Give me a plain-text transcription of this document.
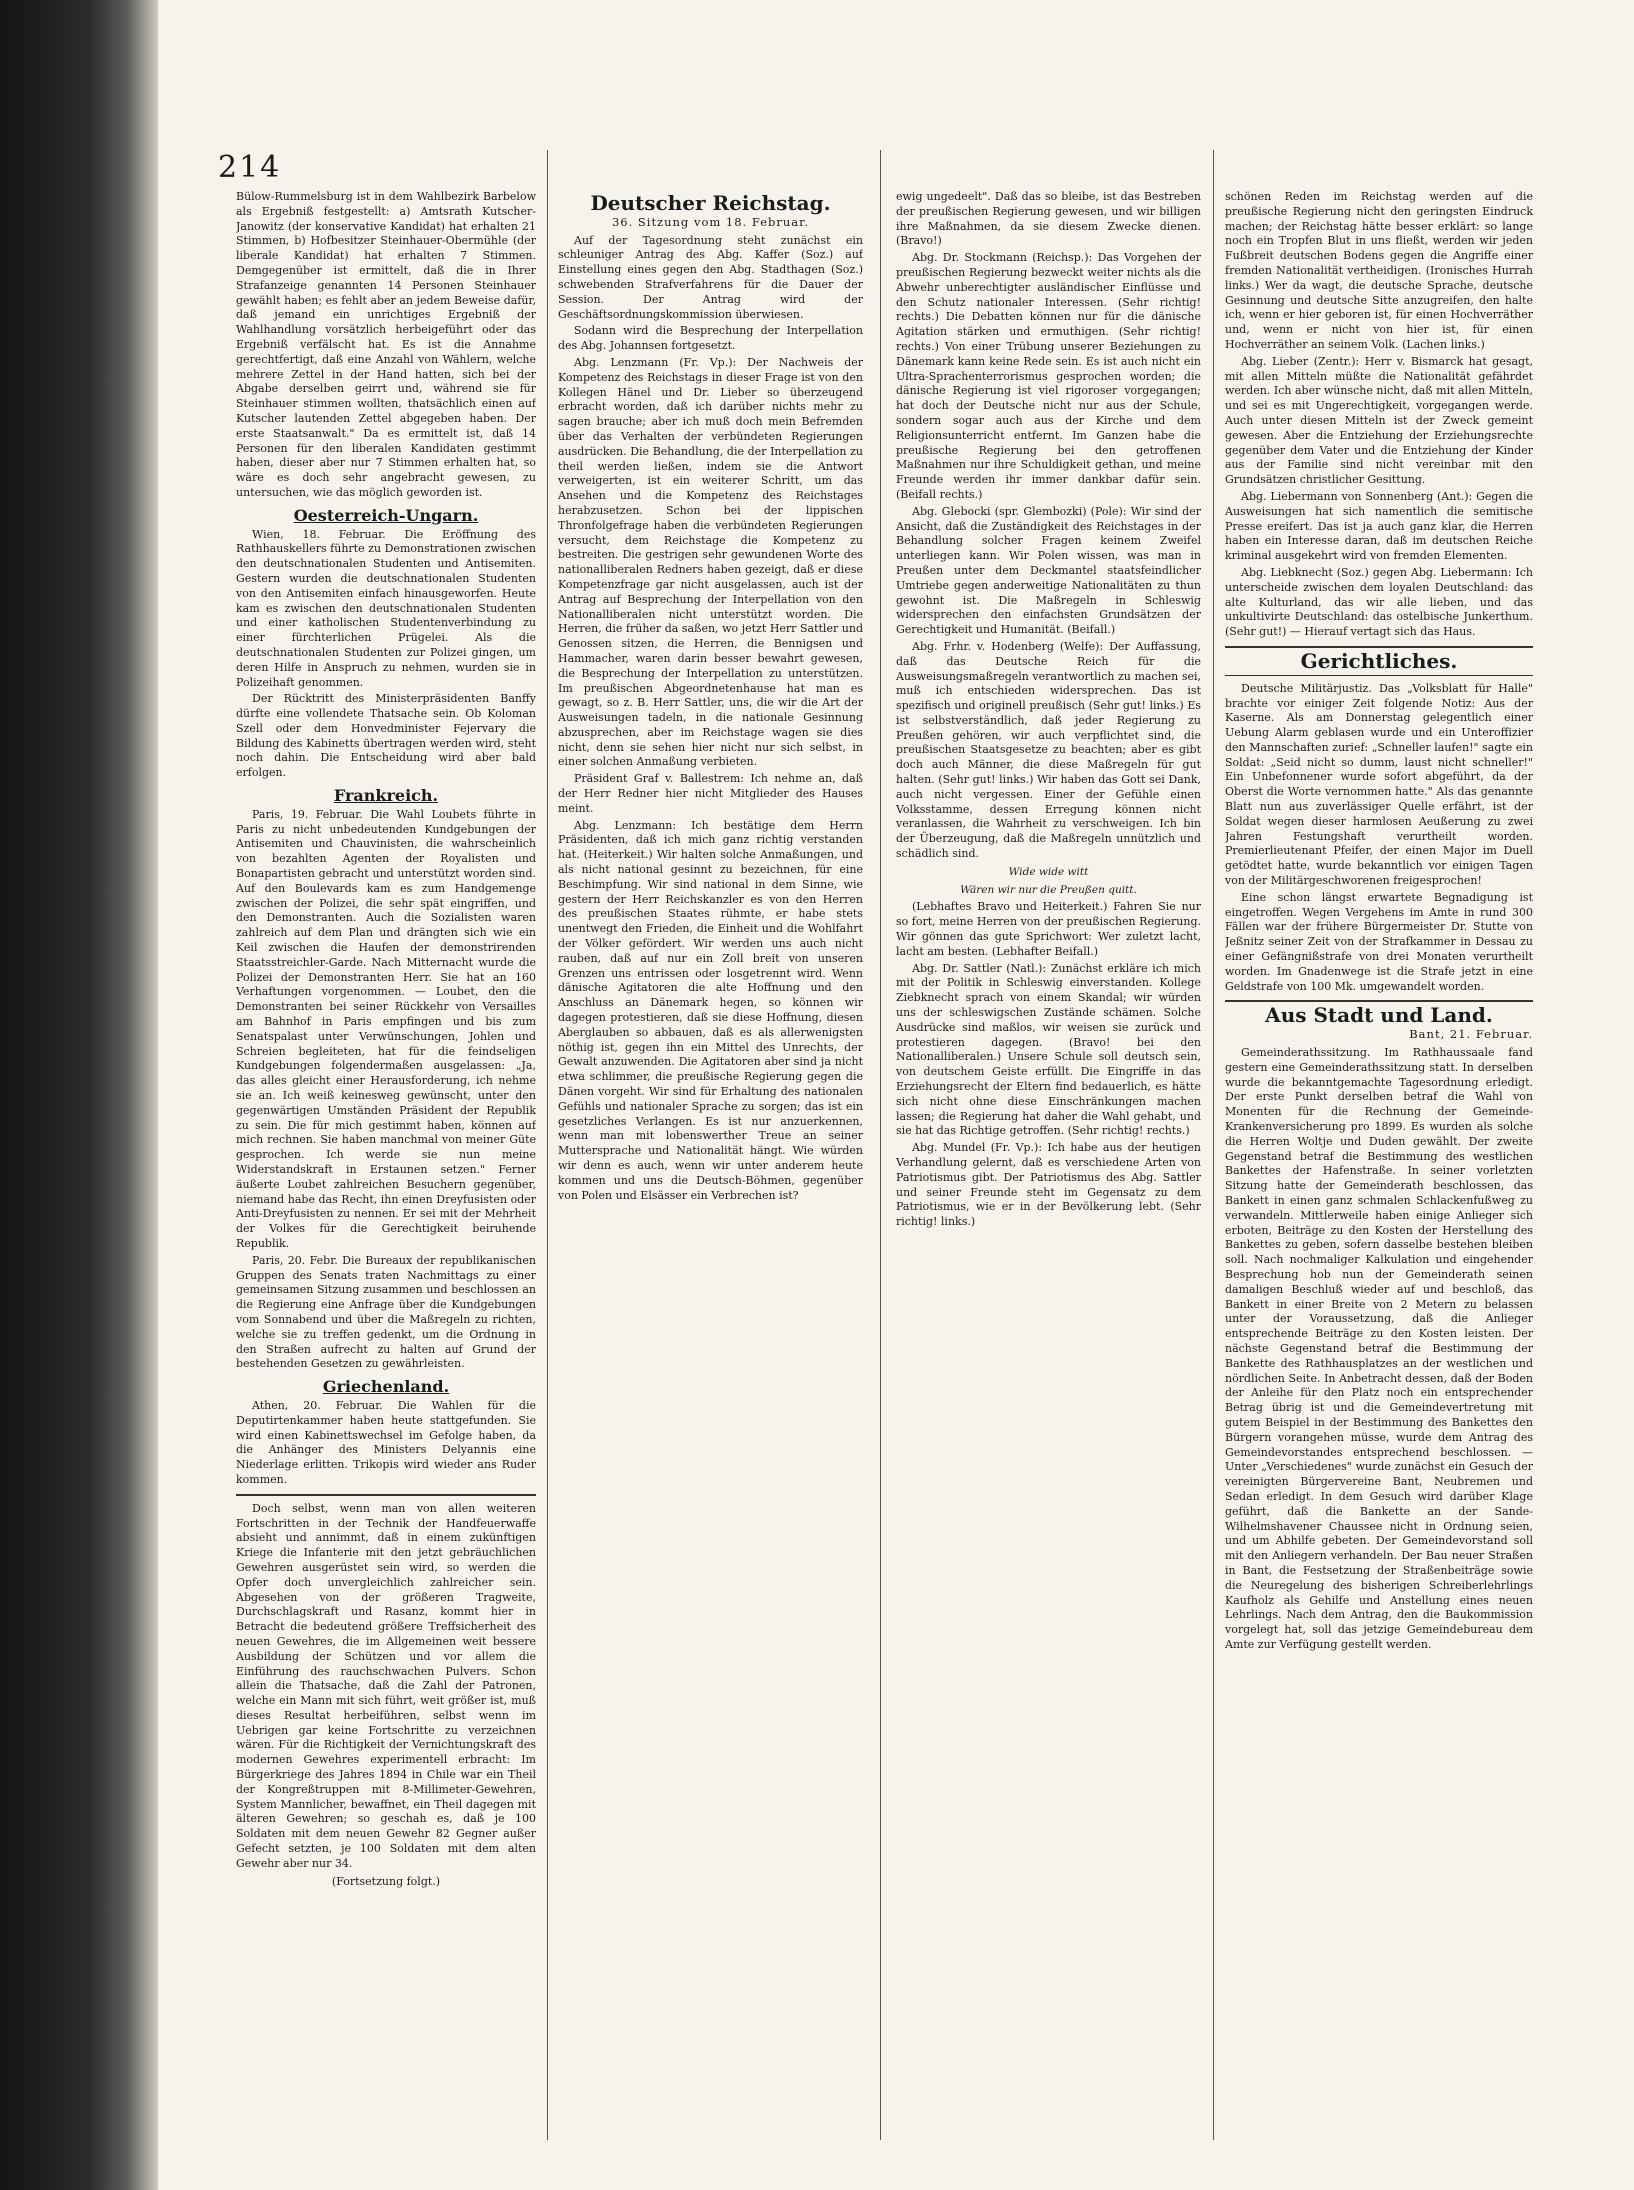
214

Bülow-Rummelsburg ist in dem Wahlbezirk Barbelow als Ergebniß festgestellt: a) Amtsrath Kutscher-Janowitz (der konservative Kandidat) hat erhalten 21 Stimmen, b) Hofbesitzer Steinhauer-Obermühle (der liberale Kandidat) hat erhalten 7 Stimmen. Demgegenüber ist ermittelt, daß die in Ihrer Strafanzeige genannten 14 Personen Steinhauer gewählt haben; es fehlt aber an jedem Beweise dafür, daß jemand ein unrichtiges Ergebniß der Wahlhandlung vorsätzlich herbeigeführt oder das Ergebniß verfälscht hat. Es ist die Annahme gerechtfertigt, daß eine Anzahl von Wählern, welche mehrere Zettel in der Hand hatten, sich bei der Abgabe derselben geirrt und, während sie für Steinhauer stimmen wollten, thatsächlich einen auf Kutscher lautenden Zettel abgegeben haben. Der erste Staatsanwalt." Da es ermittelt ist, daß 14 Personen für den liberalen Kandidaten gestimmt haben, dieser aber nur 7 Stimmen erhalten hat, so wäre es doch sehr angebracht gewesen, zu untersuchen, wie das möglich geworden ist.

Oesterreich-Ungarn.

Wien, 18. Februar. Die Eröffnung des Rathhauskellers führte zu Demonstrationen zwischen den deutschnationalen Studenten und Antisemiten. Gestern wurden die deutschnationalen Studenten von den Antisemiten einfach hinausgeworfen. Heute kam es zwischen den deutschnationalen Studenten und einer katholischen Studentenverbindung zu einer fürchterlichen Prügelei. Als die deutschnationalen Studenten zur Polizei gingen, um deren Hilfe in Anspruch zu nehmen, wurden sie in Polizeihaft genommen.

Der Rücktritt des Ministerpräsidenten Banffy dürfte eine vollendete Thatsache sein. Ob Koloman Szell oder dem Honvedminister Fejervary die Bildung des Kabinetts übertragen werden wird, steht noch dahin. Die Entscheidung wird aber bald erfolgen.

Frankreich.

Paris, 19. Februar. Die Wahl Loubets führte in Paris zu nicht unbedeutenden Kundgebungen der Antisemiten und Chauvinisten, die wahrscheinlich von bezahlten Agenten der Royalisten und Bonapartisten gebracht und unterstützt worden sind. Auf den Boulevards kam es zum Handgemenge zwischen der Polizei, die sehr spät eingriffen, und den Demonstranten. Auch die Sozialisten waren zahlreich auf dem Plan und drängten sich wie ein Keil zwischen die Haufen der demonstrirenden Staatsstreichler-Garde. Nach Mitternacht wurde die Polizei der Demonstranten Herr. Sie hat an 160 Verhaftungen vorgenommen. — Loubet, den die Demonstranten bei seiner Rückkehr von Versailles am Bahnhof in Paris empfingen und bis zum Senatspalast unter Verwünschungen, Johlen und Schreien begleiteten, hat für die feindseligen Kundgebungen folgendermaßen ausgelassen: „Ja, das alles gleicht einer Herausforderung, ich nehme sie an. Ich weiß keinesweg gewünscht, unter den gegenwärtigen Umständen Präsident der Republik zu sein. Die für mich gestimmt haben, können auf mich rechnen. Sie haben manchmal von meiner Güte gesprochen. Ich werde sie nun meine Widerstandskraft in Erstaunen setzen." Ferner äußerte Loubet zahlreichen Besuchern gegenüber, niemand habe das Recht, ihn einen Dreyfusisten oder Anti-Dreyfusisten zu nennen. Er sei mit der Mehrheit der Volkes für die Gerechtigkeit beiruhende Republik.

Paris, 20. Febr. Die Bureaux der republikanischen Gruppen des Senats traten Nachmittags zu einer gemeinsamen Sitzung zusammen und beschlossen an die Regierung eine Anfrage über die Kundgebungen vom Sonnabend und über die Maßregeln zu richten, welche sie zu treffen gedenkt, um die Ordnung in den Straßen aufrecht zu halten auf Grund der bestehenden Gesetzen zu gewährleisten.

Griechenland.

Athen, 20. Februar. Die Wahlen für die Deputirtenkammer haben heute stattgefunden. Sie wird einen Kabinettswechsel im Gefolge haben, da die Anhänger des Ministers Delyannis eine Niederlage erlitten. Trikopis wird wieder ans Ruder kommen.

Doch selbst, wenn man von allen weiteren Fortschritten in der Technik der Handfeuerwaffe absieht und annimmt, daß in einem zukünftigen Kriege die Infanterie mit den jetzt gebräuchlichen Gewehren ausgerüstet sein wird, so werden die Opfer doch unvergleichlich zahlreicher sein. Abgesehen von der größeren Tragweite, Durchschlagskraft und Rasanz, kommt hier in Betracht die bedeutend größere Treffsicherheit des neuen Gewehres, die im Allgemeinen weit bessere Ausbildung der Schützen und vor allem die Einführung des rauchschwachen Pulvers. Schon allein die Thatsache, daß die Zahl der Patronen, welche ein Mann mit sich führt, weit größer ist, muß dieses Resultat herbeiführen, selbst wenn im Uebrigen gar keine Fortschritte zu verzeichnen wären. Für die Richtigkeit der Vernichtungskraft des modernen Gewehres experimentell erbracht: Im Bürgerkriege des Jahres 1894 in Chile war ein Theil der Kongreßtruppen mit 8-Millimeter-Gewehren, System Mannlicher, bewaffnet, ein Theil dagegen mit älteren Gewehren; so geschah es, daß je 100 Soldaten mit dem neuen Gewehr 82 Gegner außer Gefecht setzten, je 100 Soldaten mit dem alten Gewehr aber nur 34.

(Fortsetzung folgt.)
Deutscher Reichstag.
36. Sitzung vom 18. Februar.

Auf der Tagesordnung steht zunächst ein schleuniger Antrag des Abg. Kaffer (Soz.) auf Einstellung eines gegen den Abg. Stadthagen (Soz.) schwebenden Strafverfahrens für die Dauer der Session. Der Antrag wird der Geschäftsordnungskommission überwiesen.

Sodann wird die Besprechung der Interpellation des Abg. Johannsen fortgesetzt.

Abg. Lenzmann (Fr. Vp.): Der Nachweis der Kompetenz des Reichstags in dieser Frage ist von den Kollegen Hänel und Dr. Lieber so überzeugend erbracht worden, daß ich darüber nichts mehr zu sagen brauche; aber ich muß doch mein Befremden über das Verhalten der verbündeten Regierungen ausdrücken. Die Behandlung, die der Interpellation zu theil werden ließen, indem sie die Antwort verweigerten, ist ein weiterer Schritt, um das Ansehen und die Kompetenz des Reichstages herabzusetzen. Schon bei der lippischen Thronfolgefrage haben die verbündeten Regierungen versucht, dem Reichstage die Kompetenz zu bestreiten. Die gestrigen sehr gewundenen Worte des nationalliberalen Redners haben gezeigt, daß er diese Kompetenzfrage gar nicht ausgelassen, auch ist der Antrag auf Besprechung der Interpellation von den Nationalliberalen nicht unterstützt worden. Die Herren, die früher da saßen, wo jetzt Herr Sattler und Genossen sitzen, die Herren, die Bennigsen und Hammacher, waren darin besser bewahrt gewesen, die Besprechung der Interpellation zu unterstützen. Im preußischen Abgeordnetenhause hat man es gewagt, so z. B. Herr Sattler, uns, die wir die Art der Ausweisungen tadeln, in die nationale Gesinnung abzusprechen, aber im Reichstage wagen sie dies nicht, denn sie sehen hier nicht nur sich selbst, in einer solchen Anmaßung verbieten.

Präsident Graf v. Ballestrem: Ich nehme an, daß der Herr Redner hier nicht Mitglieder des Hauses meint.

Abg. Lenzmann: Ich bestätige dem Herrn Präsidenten, daß ich mich ganz richtig verstanden hat. (Heiterkeit.) Wir halten solche Anmaßungen, und als nicht national gesinnt zu bezeichnen, für eine Beschimpfung. Wir sind national in dem Sinne, wie gestern der Herr Reichskanzler es von den Herren des preußischen Staates rühmte, er habe stets unentwegt den Frieden, die Einheit und die Wohlfahrt der Völker gefördert. Wir werden uns auch nicht rauben, daß auf nur ein Zoll breit von unseren Grenzen uns entrissen oder losgetrennt wird. Wenn dänische Agitatoren die alte Hoffnung und den Anschluss an Dänemark hegen, so können wir dagegen protestieren, daß sie diese Hoffnung, diesen Aberglauben so abbauen, daß es als allerwenigsten nöthig ist, gegen ihn ein Mittel des Unrechts, der Gewalt anzuwenden. Die Agitatoren aber sind ja nicht etwa schlimmer, die preußische Regierung gegen die Dänen vorgeht. Wir sind für Erhaltung des nationalen Gefühls und nationaler Sprache zu sorgen; das ist ein gesetzliches Verlangen. Es ist nur anzuerkennen, wenn man mit lobenswerther Treue an seiner Muttersprache und Nationalität hängt. Wie würden wir denn es auch, wenn wir unter anderem heute kommen und uns die Deutsch-Böhmen, gegenüber von Polen und Elsässer ein Verbrechen ist?

ewig ungedeelt". Daß das so bleibe, ist das Bestreben der preußischen Regierung gewesen, und wir billigen ihre Maßnahmen, da sie diesem Zwecke dienen. (Bravo!)

Abg. Dr. Stockmann (Reichsp.): Das Vorgehen der preußischen Regierung bezweckt weiter nichts als die Abwehr unberechtigter ausländischer Einflüsse und den Schutz nationaler Interessen. (Sehr richtig! rechts.) Die Debatten können nur für die dänische Agitation stärken und ermuthigen. (Sehr richtig! rechts.) Von einer Trübung unserer Beziehungen zu Dänemark kann keine Rede sein. Es ist auch nicht ein Ultra-Sprachenterrorismus gesprochen worden; die dänische Regierung ist viel rigoroser vorgegangen; hat doch der Deutsche nicht nur aus der Schule, sondern sogar auch aus der Kirche und dem Religionsunterricht entfernt. Im Ganzen habe die preußische Regierung bei den getroffenen Maßnahmen nur ihre Schuldigkeit gethan, und meine Freunde werden ihr immer dankbar dafür sein. (Beifall rechts.)

Abg. Glebocki (spr. Glembozki) (Pole): Wir sind der Ansicht, daß die Zuständigkeit des Reichstages in der Behandlung solcher Fragen keinem Zweifel unterliegen kann. Wir Polen wissen, was man in Preußen unter dem Deckmantel staatsfeindlicher Umtriebe gegen anderweitige Nationalitäten zu thun gewohnt ist. Die Maßregeln in Schleswig widersprechen den einfachsten Grundsätzen der Gerechtigkeit und Humanität. (Beifall.)

Abg. Frhr. v. Hodenberg (Welfe): Der Auffassung, daß das Deutsche Reich für die Ausweisungsmaßregeln verantwortlich zu machen sei, muß ich entschieden widersprechen. Das ist spezifisch und originell preußisch (Sehr gut! links.) Es ist selbstverständlich, daß jeder Regierung zu Preußen gehören, wir auch verpflichtet sind, die preußischen Staatsgesetze zu beachten; aber es gibt doch auch Männer, die diese Maßregeln für gut halten. (Sehr gut! links.) Wir haben das Gott sei Dank, auch nicht vergessen. Einer der Gefühle einen Volksstamme, dessen Erregung können nicht veranlassen, die Wahrheit zu verschweigen. Ich bin der Überzeugung, daß die Maßregeln unnützlich und schädlich sind.

Wide wide witt
Wären wir nur die Preußen quitt.

(Lebhaftes Bravo und Heiterkeit.) Fahren Sie nur so fort, meine Herren von der preußischen Regierung. Wir gönnen das gute Sprichwort: Wer zuletzt lacht, lacht am besten. (Lebhafter Beifall.)

Abg. Dr. Sattler (Natl.): Zunächst erkläre ich mich mit der Politik in Schleswig einverstanden. Kollege Ziebknecht sprach von einem Skandal; wir würden uns der schleswigschen Zustände schämen. Solche Ausdrücke sind maßlos, wir weisen sie zurück und protestieren dagegen. (Bravo! bei den Nationalliberalen.) Unsere Schule soll deutsch sein, von deutschem Geiste erfüllt. Die Eingriffe in das Erziehungsrecht der Eltern find bedauerlich, es hätte sich nicht ohne diese Einschränkungen machen lassen; die Regierung hat daher die Wahl gehabt, und sie hat das Richtige getroffen. (Sehr richtig! rechts.)

Abg. Mundel (Fr. Vp.): Ich habe aus der heutigen Verhandlung gelernt, daß es verschiedene Arten von Patriotismus gibt. Der Patriotismus des Abg. Sattler und seiner Freunde steht im Gegensatz zu dem Patriotismus, wie er in der Bevölkerung lebt. (Sehr richtig! links.)

schönen Reden im Reichstag werden auf die preußische Regierung nicht den geringsten Eindruck machen; der Reichstag hätte besser erklärt: so lange noch ein Tropfen Blut in uns fließt, werden wir jeden Fußbreit deutschen Bodens gegen die Angriffe einer fremden Nationalität vertheidigen. (Ironisches Hurrah links.) Wer da wagt, die deutsche Sprache, deutsche Gesinnung und deutsche Sitte anzugreifen, den halte ich, wenn er hier geboren ist, für einen Hochverräther und, wenn er nicht von hier ist, für einen Hochverräther an seinem Volk. (Lachen links.)

Abg. Lieber (Zentr.): Herr v. Bismarck hat gesagt, mit allen Mitteln müßte die Nationalität gefährdet werden. Ich aber wünsche nicht, daß mit allen Mitteln, und sei es mit Ungerechtigkeit, vorgegangen werde. Auch unter diesen Mitteln ist der Zweck gemeint gewesen. Aber die Entziehung der Erziehungsrechte gegenüber dem Vater und die Entziehung der Kinder aus der Familie sind nicht vereinbar mit den Grundsätzen christlicher Gesittung.

Abg. Liebermann von Sonnenberg (Ant.): Gegen die Ausweisungen hat sich namentlich die semitische Presse ereifert. Das ist ja auch ganz klar, die Herren haben ein Interesse daran, daß im deutschen Reiche kriminal ausgekehrt wird von fremden Elementen.

Abg. Liebknecht (Soz.) gegen Abg. Liebermann: Ich unterscheide zwischen dem loyalen Deutschland: das alte Kulturland, das wir alle lieben, und das unkultivirte Deutschland: das ostelbische Junkerthum. (Sehr gut!) — Hierauf vertagt sich das Haus.

Gerichtliches.

Deutsche Militärjustiz. Das „Volksblatt für Halle" brachte vor einiger Zeit folgende Notiz: Aus der Kaserne. Als am Donnerstag gelegentlich einer Uebung Alarm geblasen wurde und ein Unteroffizier den Mannschaften zurief: „Schneller laufen!" sagte ein Soldat: „Seid nicht so dumm, laust nicht schneller!" Ein Unbefonnener wurde sofort abgeführt, da der Oberst die Worte vernommen hatte." Als das genannte Blatt nun aus zuverlässiger Quelle erfährt, ist der Soldat wegen dieser harmlosen Aeußerung zu zwei Jahren Festungshaft verurtheilt worden. Premierlieutenant Pfeifer, der einen Major im Duell getödtet hatte, wurde bekanntlich vor einigen Tagen von der Militärgeschworenen freigesprochen!

Eine schon längst erwartete Begnadigung ist eingetroffen. Wegen Vergehens im Amte in rund 300 Fällen war der frühere Bürgermeister Dr. Stutte von Jeßnitz seiner Zeit von der Strafkammer in Dessau zu einer Gefängnißstrafe von drei Monaten verurtheilt worden. Im Gnadenwege ist die Strafe jetzt in eine Geldstrafe von 100 Mk. umgewandelt worden.

Aus Stadt und Land.
Bant, 21. Februar.

Gemeinderathssitzung. Im Rathhaussaale fand gestern eine Gemeinderathssitzung statt. In derselben wurde die bekanntgemachte Tagesordnung erledigt. Der erste Punkt derselben betraf die Wahl von Monenten für die Rechnung der Gemeinde-Krankenversicherung pro 1899. Es wurden als solche die Herren Woltje und Duden gewählt. Der zweite Gegenstand betraf die Bestimmung des westlichen Bankettes der Hafenstraße. In seiner vorletzten Sitzung hatte der Gemeinderath beschlossen, das Bankett in einen ganz schmalen Schlackenfußweg zu verwandeln. Mittlerweile haben einige Anlieger sich erboten, Beiträge zu den Kosten der Herstellung des Bankettes zu geben, sofern dasselbe bestehen bleiben soll. Nach nochmaliger Kalkulation und eingehender Besprechung hob nun der Gemeinderath seinen damaligen Beschluß wieder auf und beschloß, das Bankett in einer Breite von 2 Metern zu belassen unter der Voraussetzung, daß die Anlieger entsprechende Beiträge zu den Kosten leisten. Der nächste Gegenstand betraf die Bestimmung der Bankette des Rathhausplatzes an der westlichen und nördlichen Seite. In Anbetracht dessen, daß der Boden der Anleihe für den Platz noch ein entsprechender Betrag übrig ist und die Gemeindevertretung mit gutem Beispiel in der Bestimmung des Bankettes den Bürgern vorangehen müsse, wurde dem Antrag des Gemeindevorstandes entsprechend beschlossen. — Unter „Verschiedenes" wurde zunächst ein Gesuch der vereinigten Bürgervereine Bant, Neubremen und Sedan erledigt. In dem Gesuch wird darüber Klage geführt, daß die Bankette an der Sande-Wilhelmshavener Chaussee nicht in Ordnung seien, und um Abhilfe gebeten. Der Gemeindevorstand soll mit den Anliegern verhandeln. Der Bau neuer Straßen in Bant, die Festsetzung der Straßenbeiträge sowie die Neuregelung des bisherigen Schreiberlehrlings Kaufholz als Gehilfe und Anstellung eines neuen Lehrlings. Nach dem Antrag, den die Baukommission vorgelegt hat, soll das jetzige Gemeindebureau dem Amte zur Verfügung gestellt werden.
